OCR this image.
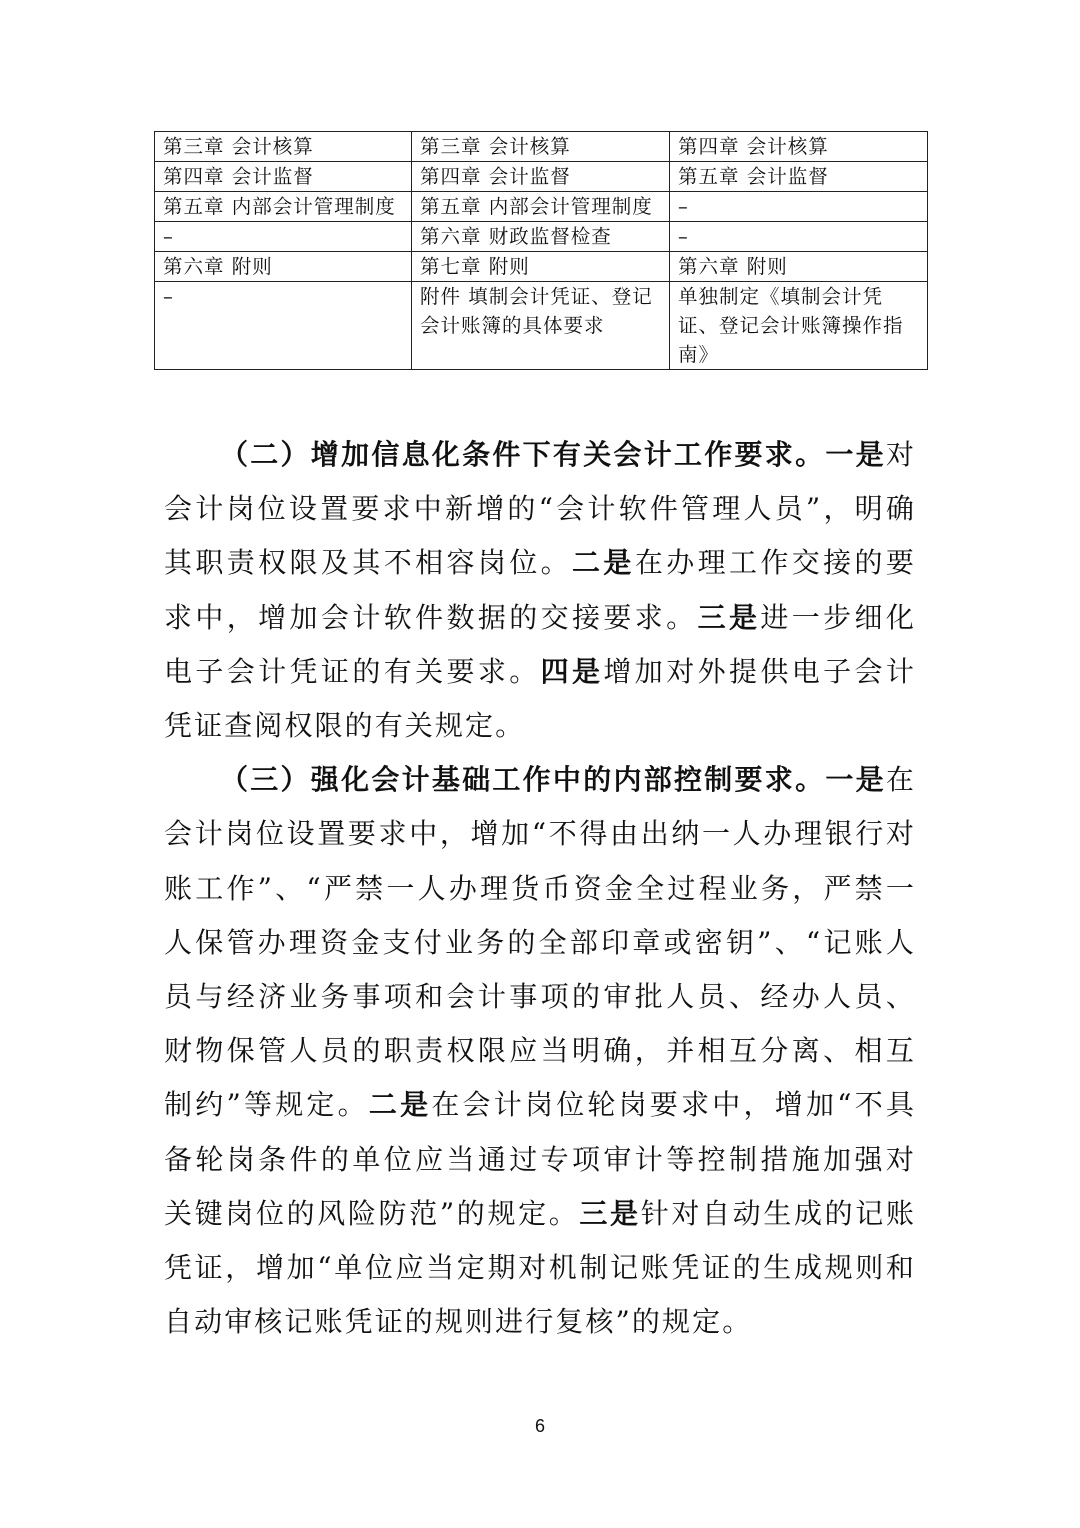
第三章 会计核算	第三章 会计核算	第四章 会计核算
第四章 会计监督	第四章 会计监督	第五章 会计监督
第五章 内部会计管理制度	第五章 内部会计管理制度	–
–	第六章 财政监督检查	–
第六章 附则	第七章 附则	第六章 附则
–	附件 填制会计凭证、登记会计账簿的具体要求	单独制定《填制会计凭证、登记会计账簿操作指南》

（二）增加信息化条件下有关会计工作要求。一是对会计岗位设置要求中新增的“会计软件管理人员”，明确其职责权限及其不相容岗位。二是在办理工作交接的要求中，增加会计软件数据的交接要求。三是进一步细化电子会计凭证的有关要求。四是增加对外提供电子会计凭证查阅权限的有关规定。

（三）强化会计基础工作中的内部控制要求。一是在会计岗位设置要求中，增加“不得由出纳一人办理银行对账工作”、“严禁一人办理货币资金全过程业务，严禁一人保管办理资金支付业务的全部印章或密钥”、“记账人员与经济业务事项和会计事项的审批人员、经办人员、财物保管人员的职责权限应当明确，并相互分离、相互制约”等规定。二是在会计岗位轮岗要求中，增加“不具备轮岗条件的单位应当通过专项审计等控制措施加强对关键岗位的风险防范”的规定。三是针对自动生成的记账凭证，增加“单位应当定期对机制记账凭证的生成规则和自动审核记账凭证的规则进行复核”的规定。

6
